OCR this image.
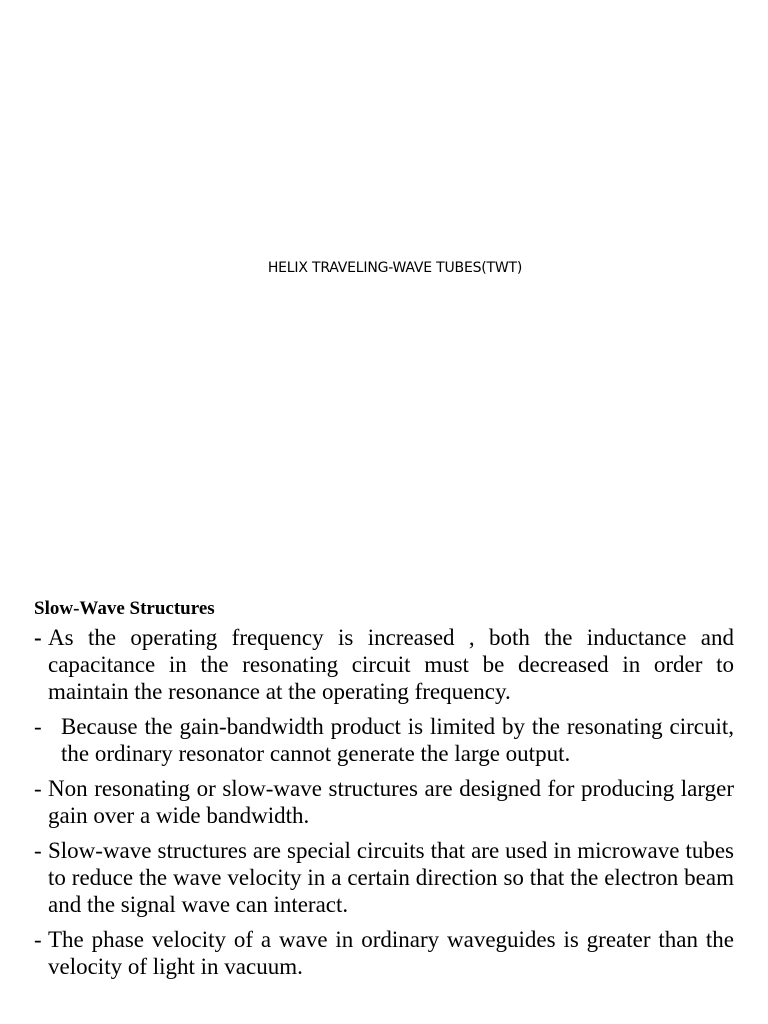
HELIX TRAVELING-WAVE TUBES(TWT)
Slow-Wave Structures
- As the operating frequency is increased , both the inductance and capacitance in the resonating circuit must be decreased in order to maintain the resonance at the operating frequency.
- Because the gain-bandwidth product is limited by the resonating circuit, the ordinary resonator cannot generate the large output.
- Non resonating or slow-wave structures are designed for producing larger gain over a wide bandwidth.
- Slow-wave structures are special circuits that are used in microwave tubes to reduce the wave velocity in a certain direction so that the electron beam and the signal wave can interact.
- The phase velocity of a wave in ordinary waveguides is greater than the velocity of light in vacuum.
